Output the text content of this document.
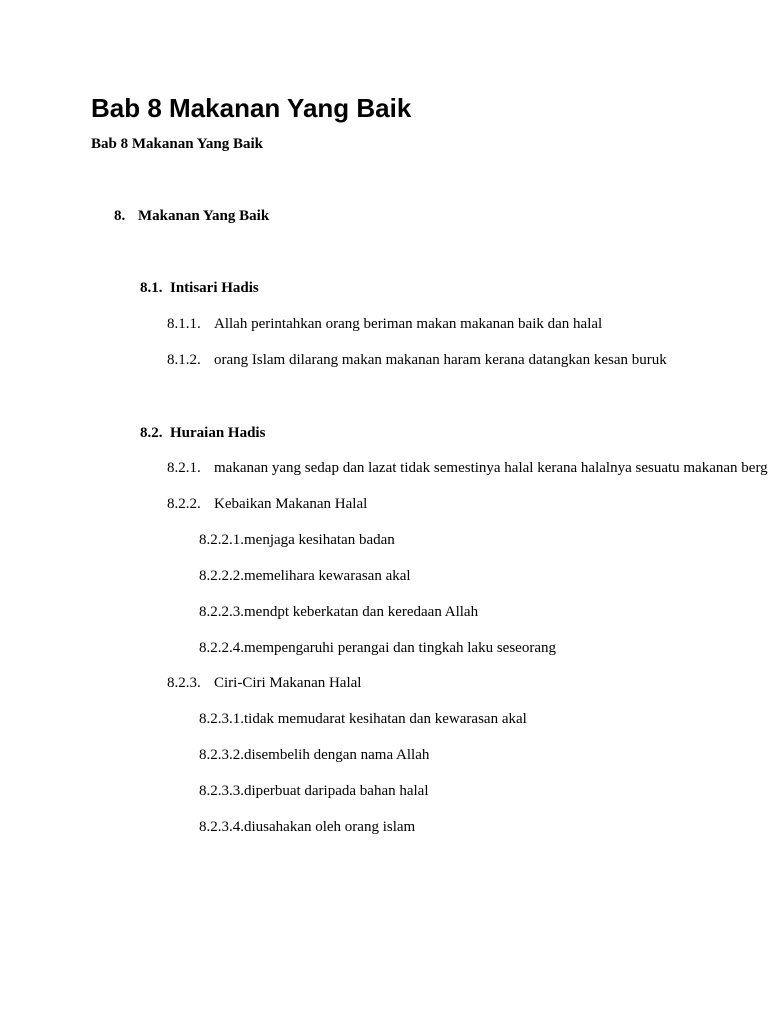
Bab 8 Makanan Yang Baik
Bab 8 Makanan Yang Baik
8. Makanan Yang Baik
8.1. Intisari Hadis
8.1.1. Allah perintahkan orang beriman makan makanan baik dan halal
8.1.2. orang Islam dilarang makan makanan haram kerana datangkan kesan buruk
8.2. Huraian Hadis
8.2.1. makanan yang sedap dan lazat tidak semestinya halal kerana halalnya sesuatu makanan berg
8.2.2. Kebaikan Makanan Halal
8.2.2.1.menjaga kesihatan badan
8.2.2.2.memelihara kewarasan akal
8.2.2.3.mendpt keberkatan dan keredaan Allah
8.2.2.4.mempengaruhi perangai dan tingkah laku seseorang
8.2.3. Ciri-Ciri Makanan Halal
8.2.3.1.tidak memudarat kesihatan dan kewarasan akal
8.2.3.2.disembelih dengan nama Allah
8.2.3.3.diperbuat daripada bahan halal
8.2.3.4.diusahakan oleh orang islam
